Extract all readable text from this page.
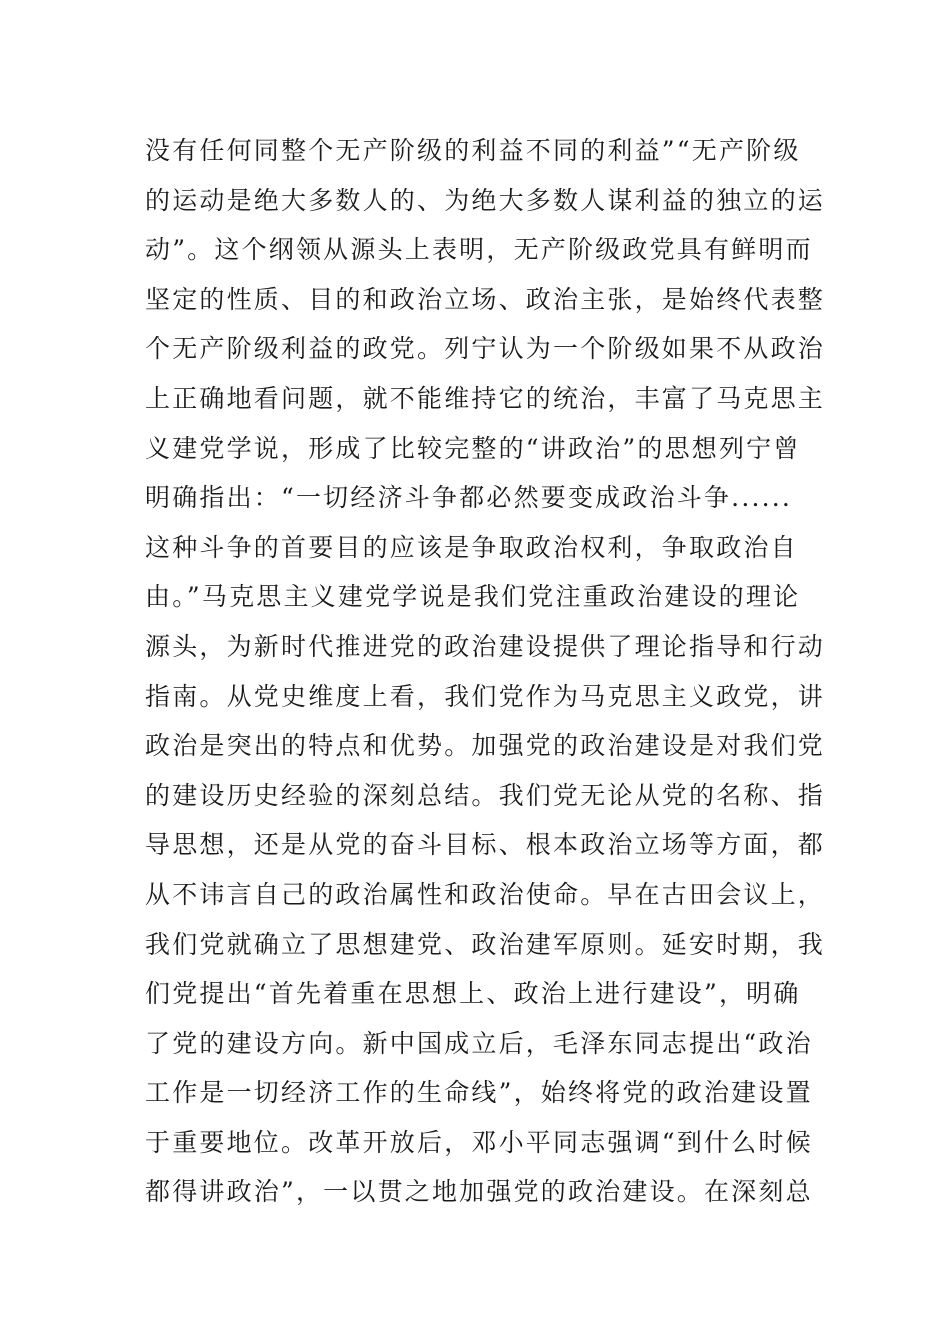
没有任何同整个无产阶级的利益不同的利益”“无产阶级
的运动是绝大多数人的、为绝大多数人谋利益的独立的运
动”。这个纲领从源头上表明，无产阶级政党具有鲜明而
坚定的性质、目的和政治立场、政治主张，是始终代表整
个无产阶级利益的政党。列宁认为一个阶级如果不从政治
上正确地看问题，就不能维持它的统治，丰富了马克思主
义建党学说，形成了比较完整的“讲政治”的思想列宁曾
明确指出：“一切经济斗争都必然要变成政治斗争......
这种斗争的首要目的应该是争取政治权利，争取政治自
由。”马克思主义建党学说是我们党注重政治建设的理论
源头，为新时代推进党的政治建设提供了理论指导和行动
指南。从党史维度上看，我们党作为马克思主义政党，讲
政治是突出的特点和优势。加强党的政治建设是对我们党
的建设历史经验的深刻总结。我们党无论从党的名称、指
导思想，还是从党的奋斗目标、根本政治立场等方面，都
从不讳言自己的政治属性和政治使命。早在古田会议上，
我们党就确立了思想建党、政治建军原则。延安时期，我
们党提出“首先着重在思想上、政治上进行建设”，明确
了党的建设方向。新中国成立后，毛泽东同志提出“政治
工作是一切经济工作的生命线”，始终将党的政治建设置
于重要地位。改革开放后，邓小平同志强调“到什么时候
都得讲政治”，一以贯之地加强党的政治建设。在深刻总
